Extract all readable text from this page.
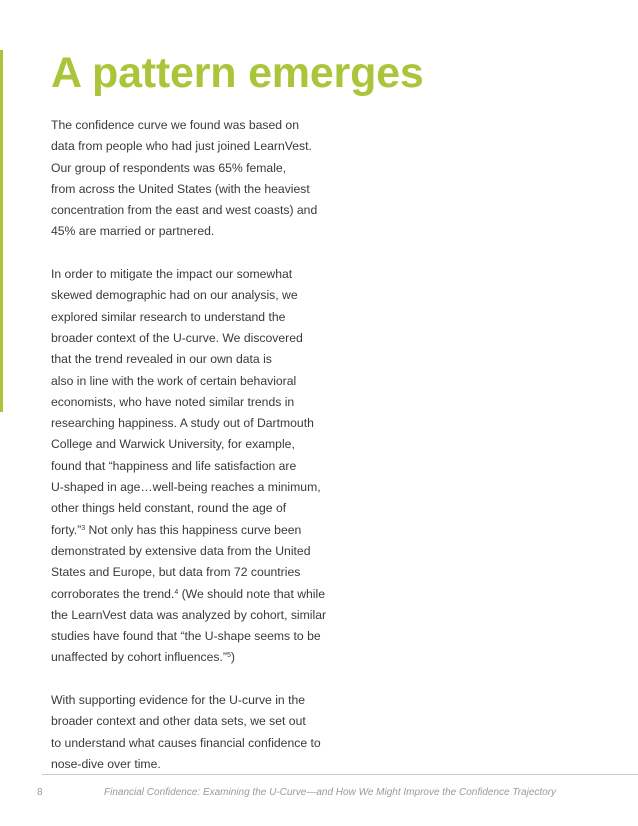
A pattern emerges

The confidence curve we found was based on
data from people who had just joined LearnVest.
Our group of respondents was 65% female,
from across the United States (with the heaviest
concentration from the east and west coasts) and
45% are married or partnered.

In order to mitigate the impact our somewhat
skewed demographic had on our analysis, we
explored similar research to understand the
broader context of the U-curve. We discovered
that the trend revealed in our own data is
also in line with the work of certain behavioral
economists, who have noted similar trends in
researching happiness. A study out of Dartmouth
College and Warwick University, for example,
found that “happiness and life satisfaction are
U-shaped in age…well-being reaches a minimum,
other things held constant, round the age of
forty.”$^3$ Not only has this happiness curve been
demonstrated by extensive data from the United
States and Europe, but data from 72 countries
corroborates the trend.$^4$ (We should note that while
the LearnVest data was analyzed by cohort, similar
studies have found that “the U-shape seems to be
unaffected by cohort influences.”$^5$)

With supporting evidence for the U-curve in the
broader context and other data sets, we set out
to understand what causes financial confidence to
nose-dive over time.

8	Financial Confidence: Examining the U-Curve—and How We Might Improve the Confidence Trajectory
